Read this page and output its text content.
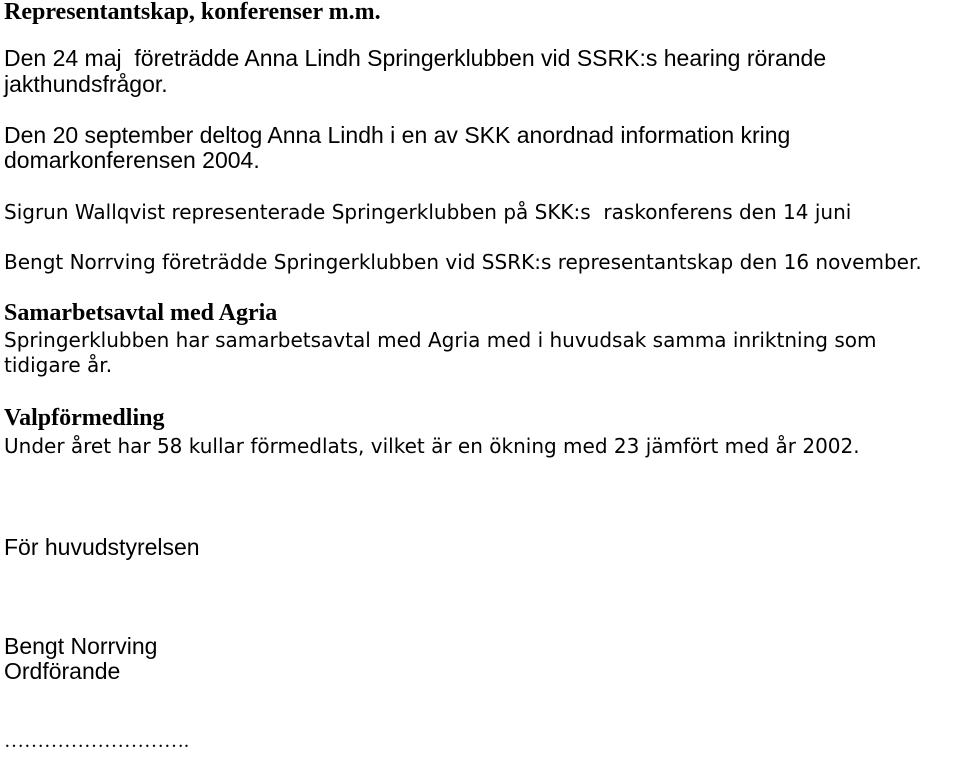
Representantskap, konferenser m.m.
Den 24 maj  företrädde Anna Lindh Springerklubben vid SSRK:s hearing rörande
jakthundsfrågor.
Den 20 september deltog Anna Lindh i en av SKK anordnad information kring
domarkonferensen 2004.
Sigrun Wallqvist representerade Springerklubben på SKK:s  raskonferens den 14 juni
Bengt Norrving företrädde Springerklubben vid SSRK:s representantskap den 16 november.
Samarbetsavtal med Agria
Springerklubben har samarbetsavtal med Agria med i huvudsak samma inriktning som
tidigare år.
Valpförmedling
Under året har 58 kullar förmedlats, vilket är en ökning med 23 jämfört med år 2002.
För huvudstyrelsen
Bengt Norrving
Ordförande
……………………….
